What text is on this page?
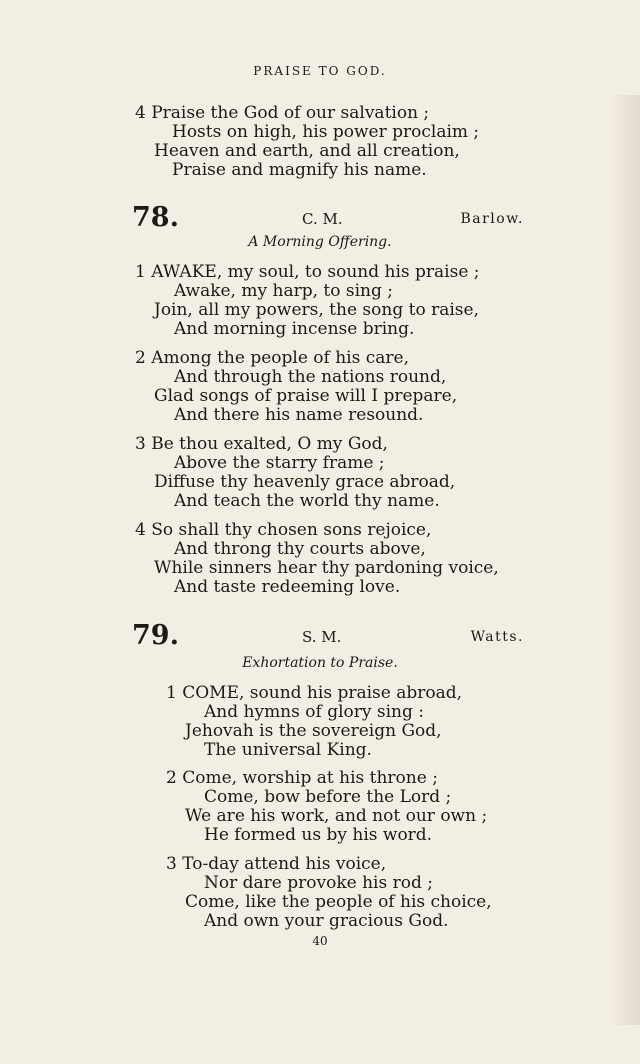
PRAISE TO GOD.
4 Praise the God of our salvation ;
Hosts on high, his power proclaim ;
Heaven and earth, and all creation,
Praise and magnify his name.
78.	C. M.	Barlow.
A Morning Offering.
1 AWAKE, my soul, to sound his praise ;
Awake, my harp, to sing ;
Join, all my powers, the song to raise,
And morning incense bring.
2 Among the people of his care,
And through the nations round,
Glad songs of praise will I prepare,
And there his name resound.
3 Be thou exalted, O my God,
Above the starry frame ;
Diffuse thy heavenly grace abroad,
And teach the world thy name.
4 So shall thy chosen sons rejoice,
And throng thy courts above,
While sinners hear thy pardoning voice,
And taste redeeming love.
79.	S. M.	Watts.
Exhortation to Praise.
1 COME, sound his praise abroad,
And hymns of glory sing :
Jehovah is the sovereign God,
The universal King.
2 Come, worship at his throne ;
Come, bow before the Lord ;
We are his work, and not our own ;
He formed us by his word.
3 To-day attend his voice,
Nor dare provoke his rod ;
Come, like the people of his choice,
And own your gracious God.
40
